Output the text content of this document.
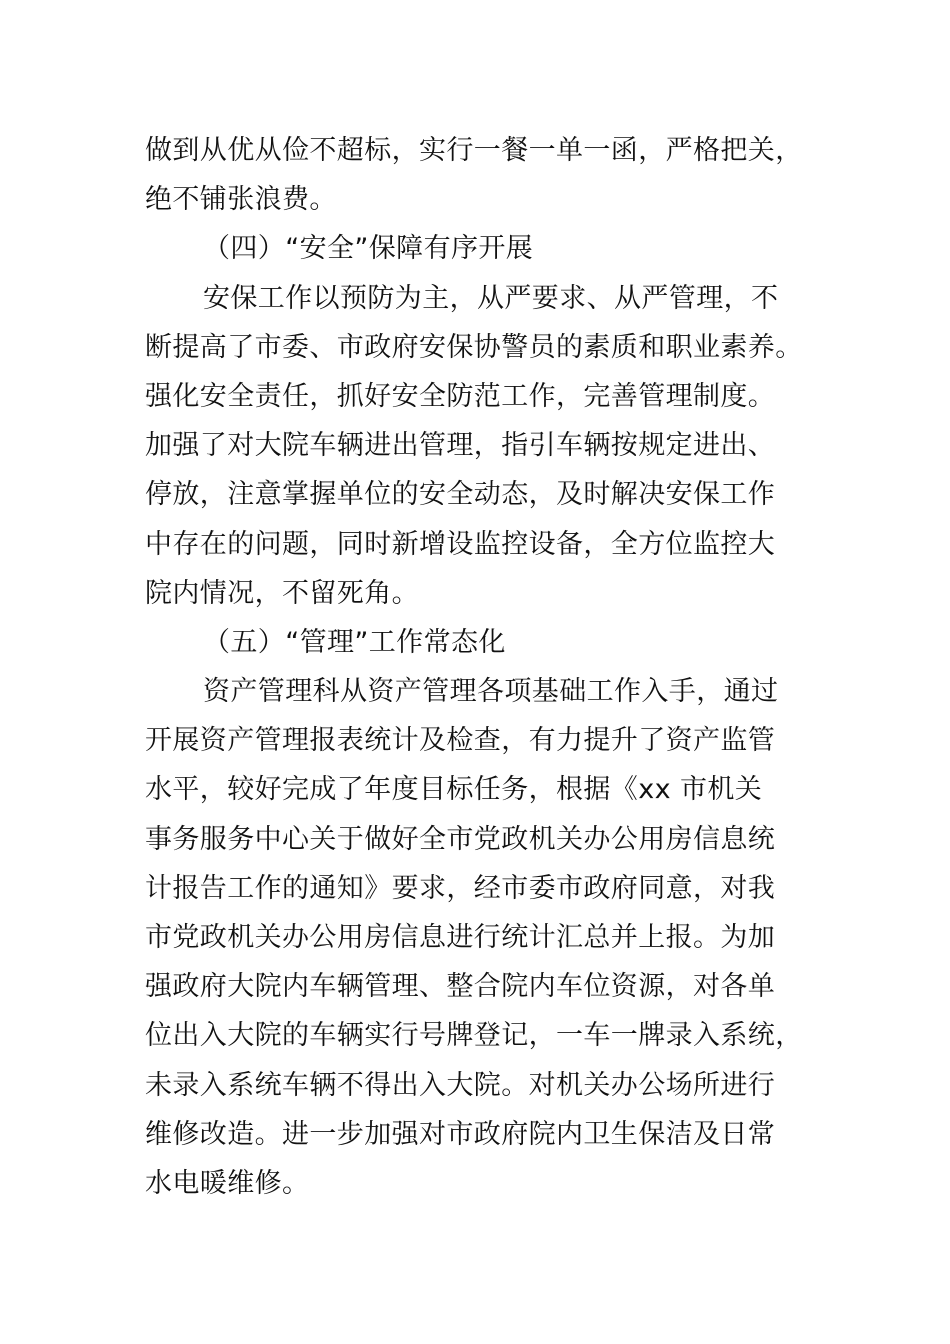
做到从优从俭不超标，实行一餐一单一函，严格把关，
绝不铺张浪费。
（四）“安全”保障有序开展
安保工作以预防为主，从严要求、从严管理，不
断提高了市委、市政府安保协警员的素质和职业素养。
强化安全责任，抓好安全防范工作，完善管理制度。
加强了对大院车辆进出管理，指引车辆按规定进出、
停放，注意掌握单位的安全动态，及时解决安保工作
中存在的问题，同时新增设监控设备，全方位监控大
院内情况，不留死角。
（五）“管理”工作常态化
资产管理科从资产管理各项基础工作入手，通过
开展资产管理报表统计及检查，有力提升了资产监管
水平，较好完成了年度目标任务，根据《xx 市机关
事务服务中心关于做好全市党政机关办公用房信息统
计报告工作的通知》要求，经市委市政府同意，对我
市党政机关办公用房信息进行统计汇总并上报。为加
强政府大院内车辆管理、整合院内车位资源，对各单
位出入大院的车辆实行号牌登记，一车一牌录入系统，
未录入系统车辆不得出入大院。对机关办公场所进行
维修改造。进一步加强对市政府院内卫生保洁及日常
水电暖维修。
